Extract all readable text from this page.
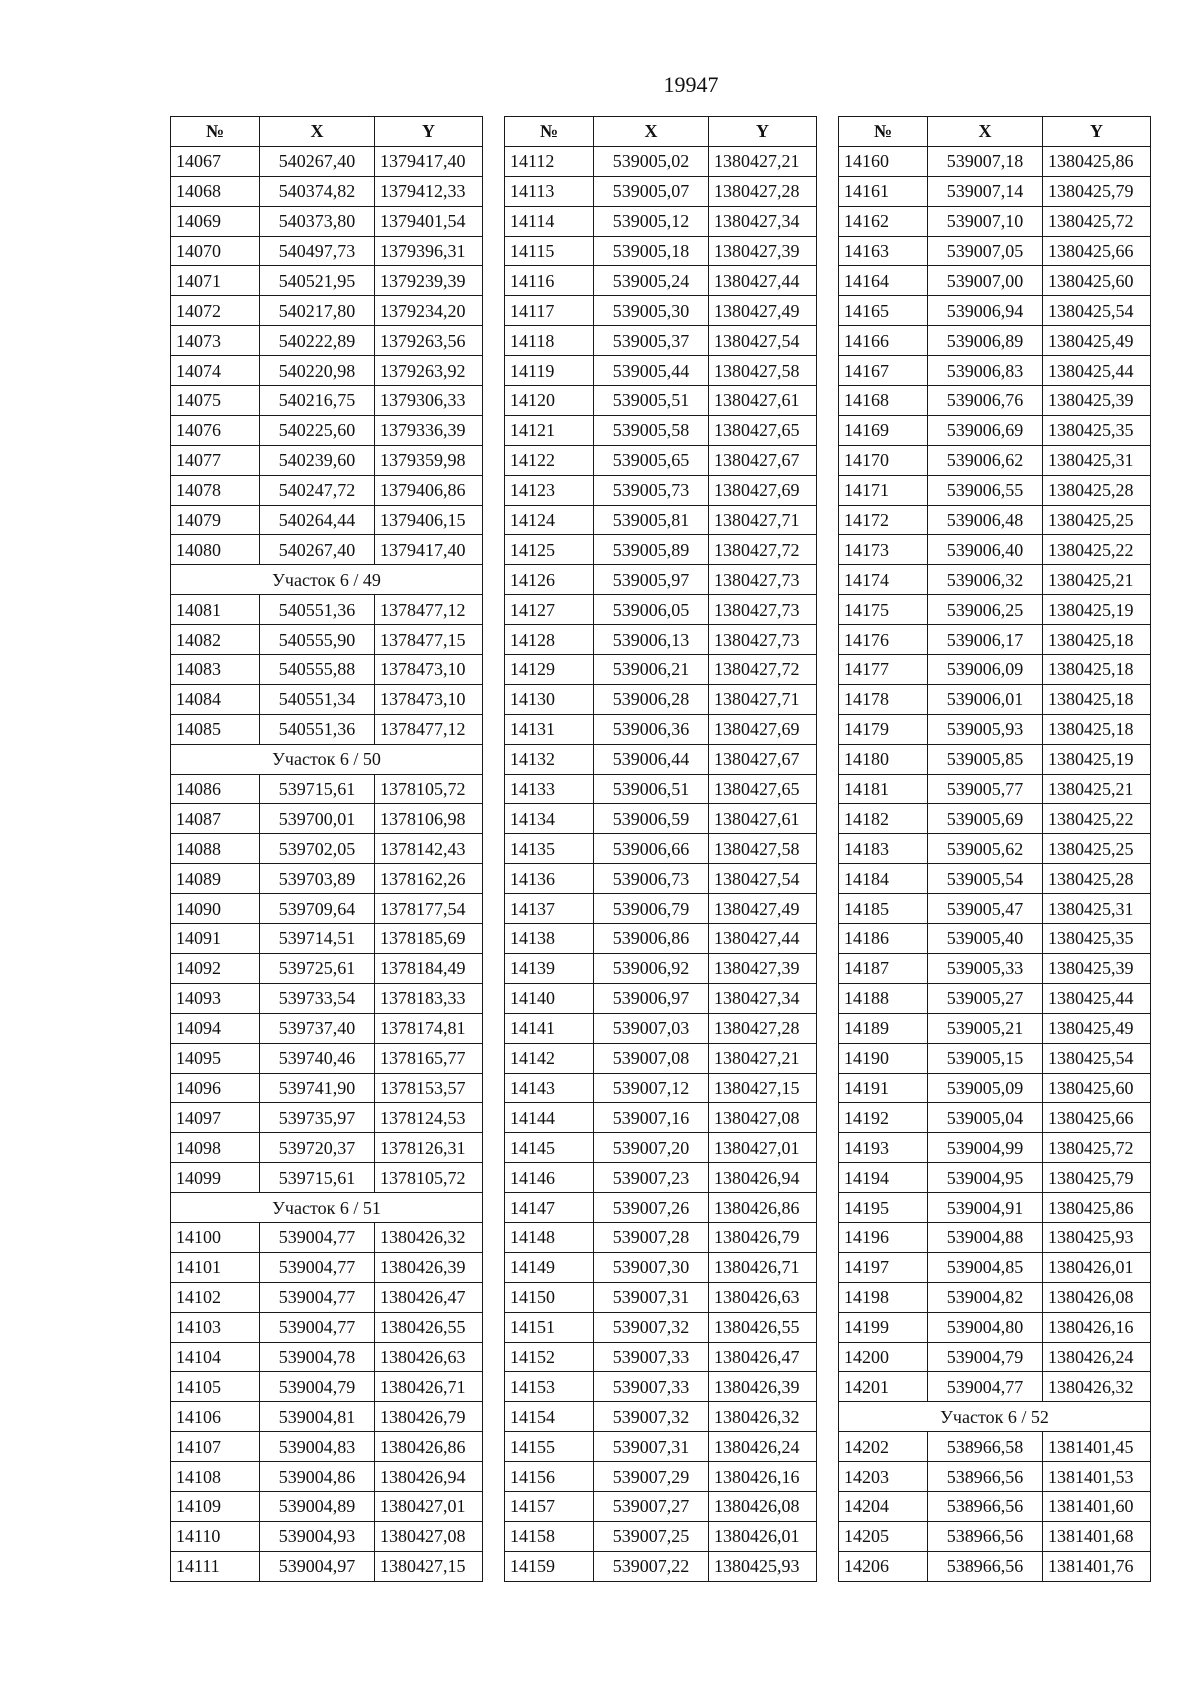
19947
№	X	Y
14067	540267,40	1379417,40
14068	540374,82	1379412,33
14069	540373,80	1379401,54
14070	540497,73	1379396,31
14071	540521,95	1379239,39
14072	540217,80	1379234,20
14073	540222,89	1379263,56
14074	540220,98	1379263,92
14075	540216,75	1379306,33
14076	540225,60	1379336,39
14077	540239,60	1379359,98
14078	540247,72	1379406,86
14079	540264,44	1379406,15
14080	540267,40	1379417,40
Участок 6 / 49		
14081	540551,36	1378477,12
14082	540555,90	1378477,15
14083	540555,88	1378473,10
14084	540551,34	1378473,10
14085	540551,36	1378477,12
Участок 6 / 50		
14086	539715,61	1378105,72
14087	539700,01	1378106,98
14088	539702,05	1378142,43
14089	539703,89	1378162,26
14090	539709,64	1378177,54
14091	539714,51	1378185,69
14092	539725,61	1378184,49
14093	539733,54	1378183,33
14094	539737,40	1378174,81
14095	539740,46	1378165,77
14096	539741,90	1378153,57
14097	539735,97	1378124,53
14098	539720,37	1378126,31
14099	539715,61	1378105,72
Участок 6 / 51		
14100	539004,77	1380426,32
14101	539004,77	1380426,39
14102	539004,77	1380426,47
14103	539004,77	1380426,55
14104	539004,78	1380426,63
14105	539004,79	1380426,71
14106	539004,81	1380426,79
14107	539004,83	1380426,86
14108	539004,86	1380426,94
14109	539004,89	1380427,01
14110	539004,93	1380427,08
14111	539004,97	1380427,15
№	X	Y
14112	539005,02	1380427,21
14113	539005,07	1380427,28
14114	539005,12	1380427,34
14115	539005,18	1380427,39
14116	539005,24	1380427,44
14117	539005,30	1380427,49
14118	539005,37	1380427,54
14119	539005,44	1380427,58
14120	539005,51	1380427,61
14121	539005,58	1380427,65
14122	539005,65	1380427,67
14123	539005,73	1380427,69
14124	539005,81	1380427,71
14125	539005,89	1380427,72
14126	539005,97	1380427,73
14127	539006,05	1380427,73
14128	539006,13	1380427,73
14129	539006,21	1380427,72
14130	539006,28	1380427,71
14131	539006,36	1380427,69
14132	539006,44	1380427,67
14133	539006,51	1380427,65
14134	539006,59	1380427,61
14135	539006,66	1380427,58
14136	539006,73	1380427,54
14137	539006,79	1380427,49
14138	539006,86	1380427,44
14139	539006,92	1380427,39
14140	539006,97	1380427,34
14141	539007,03	1380427,28
14142	539007,08	1380427,21
14143	539007,12	1380427,15
14144	539007,16	1380427,08
14145	539007,20	1380427,01
14146	539007,23	1380426,94
14147	539007,26	1380426,86
14148	539007,28	1380426,79
14149	539007,30	1380426,71
14150	539007,31	1380426,63
14151	539007,32	1380426,55
14152	539007,33	1380426,47
14153	539007,33	1380426,39
14154	539007,32	1380426,32
14155	539007,31	1380426,24
14156	539007,29	1380426,16
14157	539007,27	1380426,08
14158	539007,25	1380426,01
14159	539007,22	1380425,93
№	X	Y
14160	539007,18	1380425,86
14161	539007,14	1380425,79
14162	539007,10	1380425,72
14163	539007,05	1380425,66
14164	539007,00	1380425,60
14165	539006,94	1380425,54
14166	539006,89	1380425,49
14167	539006,83	1380425,44
14168	539006,76	1380425,39
14169	539006,69	1380425,35
14170	539006,62	1380425,31
14171	539006,55	1380425,28
14172	539006,48	1380425,25
14173	539006,40	1380425,22
14174	539006,32	1380425,21
14175	539006,25	1380425,19
14176	539006,17	1380425,18
14177	539006,09	1380425,18
14178	539006,01	1380425,18
14179	539005,93	1380425,18
14180	539005,85	1380425,19
14181	539005,77	1380425,21
14182	539005,69	1380425,22
14183	539005,62	1380425,25
14184	539005,54	1380425,28
14185	539005,47	1380425,31
14186	539005,40	1380425,35
14187	539005,33	1380425,39
14188	539005,27	1380425,44
14189	539005,21	1380425,49
14190	539005,15	1380425,54
14191	539005,09	1380425,60
14192	539005,04	1380425,66
14193	539004,99	1380425,72
14194	539004,95	1380425,79
14195	539004,91	1380425,86
14196	539004,88	1380425,93
14197	539004,85	1380426,01
14198	539004,82	1380426,08
14199	539004,80	1380426,16
14200	539004,79	1380426,24
14201	539004,77	1380426,32
Участок 6 / 52		
14202	538966,58	1381401,45
14203	538966,56	1381401,53
14204	538966,56	1381401,60
14205	538966,56	1381401,68
14206	538966,56	1381401,76
